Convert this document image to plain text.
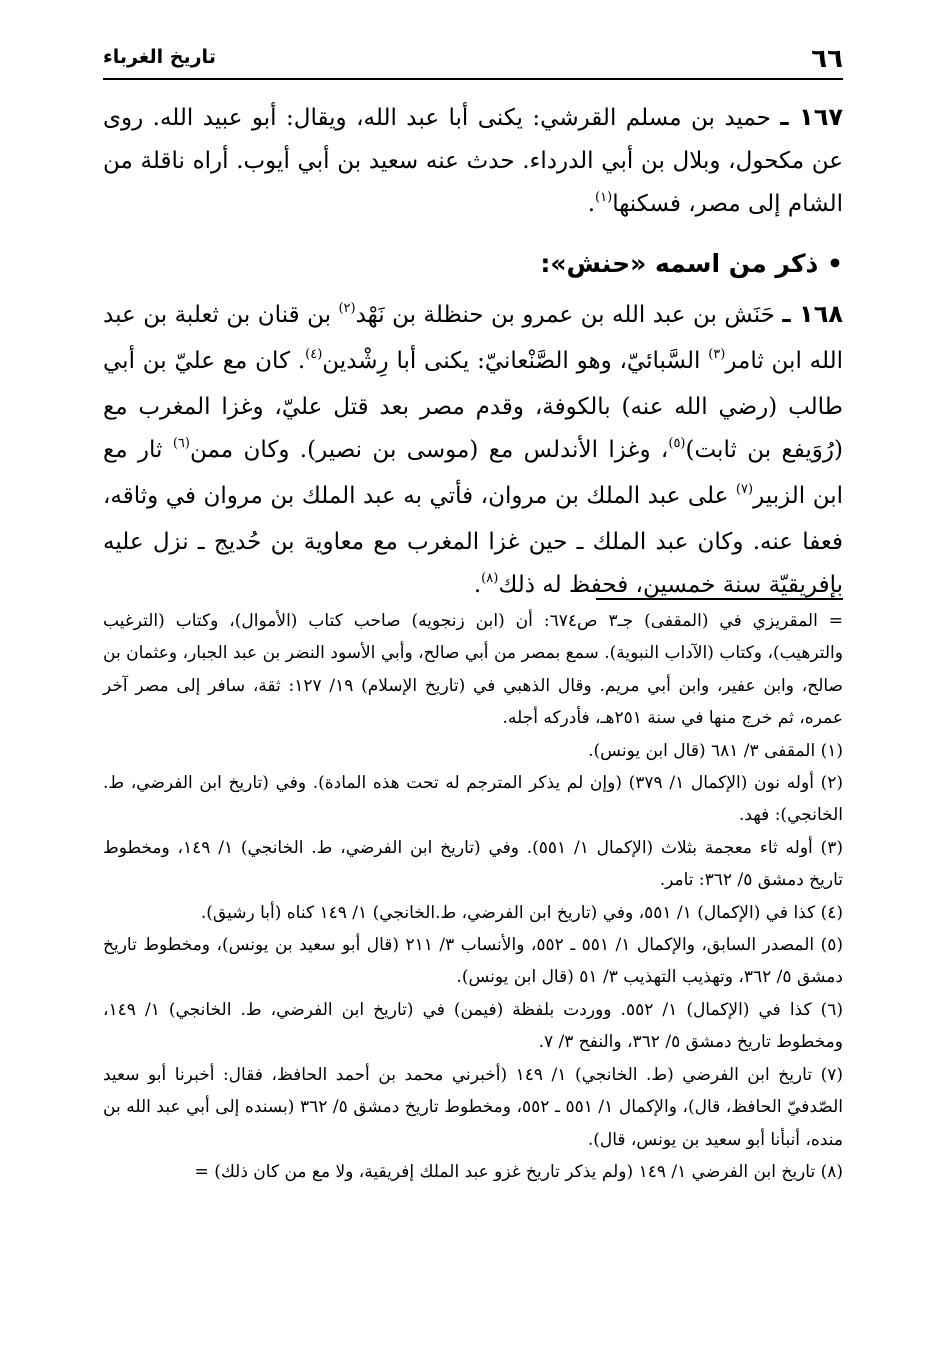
٦٦
تاريخ الغرباء

١٦٧ ـ حميد بن مسلم القرشي: يكنى أبا عبد الله، ويقال: أبو عبيد الله. روى عن مكحول، وبلال بن أبي الدرداء. حدث عنه سعيد بن أبي أيوب. أراه ناقلة من الشام إلى مصر، فسكنها$^{(١)}$.

• ذكر من اسمه «حنش»:

١٦٨ ـ حَنَش بن عبد الله بن عمرو بن حنظلة بن نَهْد$^{(٢)}$ بن قنان بن ثعلبة بن عبد الله ابن ثامر$^{(٣)}$ السَّبائيّ، وهو الصَّنْعانيّ: يكنى أبا رِشْدين$^{(٤)}$. كان مع عليّ بن أبي طالب (رضي الله عنه) بالكوفة، وقدم مصر بعد قتل عليّ، وغزا المغرب مع (رُوَيفع بن ثابت)$^{(٥)}$، وغزا الأندلس مع (موسى بن نصير). وكان ممن$^{(٦)}$ ثار مع ابن الزبير$^{(٧)}$ على عبد الملك بن مروان، فأتي به عبد الملك بن مروان في وثاقه، فعفا عنه. وكان عبد الملك ـ حين غزا المغرب مع معاوية بن حُديج ـ نزل عليه بإفريقيّة سنة خمسين، فحفظ له ذلك$^{(٨)}$.

= المقريزي في (المقفى) جـ٣ ص٦٧٤: أن (ابن زنجويه) صاحب كتاب (الأموال)، وكتاب (الترغيب والترهيب)، وكتاب (الآداب النبوية). سمع بمصر من أبي صالح، وأبي الأسود النضر بن عبد الجبار، وعثمان بن صالح، وابن عفير، وابن أبي مريم. وقال الذهبي في (تاريخ الإسلام) ١٩/ ١٢٧: ثقة، سافر إلى مصر آخر عمره، ثم خرج منها في سنة ٢٥١هـ، فأدركه أجله.

(١) المقفى ٣/ ٦٨١ (قال ابن يونس).

(٢) أوله نون (الإكمال ١/ ٣٧٩) (وإن لم يذكر المترجم له تحت هذه المادة). وفي (تاريخ ابن الفرضي، ط. الخانجي): فهد.

(٣) أوله ثاء معجمة بثلاث (الإكمال ١/ ٥٥١). وفي (تاريخ ابن الفرضي، ط. الخانجي) ١/ ١٤٩، ومخطوط تاريخ دمشق ٥/ ٣٦٢: تامر.

(٤) كذا في (الإكمال) ١/ ٥٥١، وفي (تاريخ ابن الفرضي، ط.الخانجي) ١/ ١٤٩ كناه (أبا رشيق).

(٥) المصدر السابق، والإكمال ١/ ٥٥١ ـ ٥٥٢، والأنساب ٣/ ٢١١ (قال أبو سعيد بن يونس)، ومخطوط تاريخ دمشق ٥/ ٣٦٢، وتهذيب التهذيب ٣/ ٥١ (قال ابن يونس).

(٦) كذا في (الإكمال) ١/ ٥٥٢. ووردت بلفظة (فيمن) في (تاريخ ابن الفرضي، ط. الخانجي) ١/ ١٤٩، ومخطوط تاريخ دمشق ٥/ ٣٦٢، والنفح ٣/ ٧.

(٧) تاريخ ابن الفرضي (ط. الخانجي) ١/ ١٤٩ (أخبرني محمد بن أحمد الحافظ، فقال: أخبرنا أبو سعيد الصّدفيّ الحافظ، قال)، والإكمال ١/ ٥٥١ ـ ٥٥٢، ومخطوط تاريخ دمشق ٥/ ٣٦٢ (بسنده إلى أبي عبد الله بن منده، أنبأنا أبو سعيد بن يونس، قال).

(٨) تاريخ ابن الفرضي ١/ ١٤٩ (ولم يذكر تاريخ غزو عبد الملك إفريقية، ولا مع من كان ذلك) =
